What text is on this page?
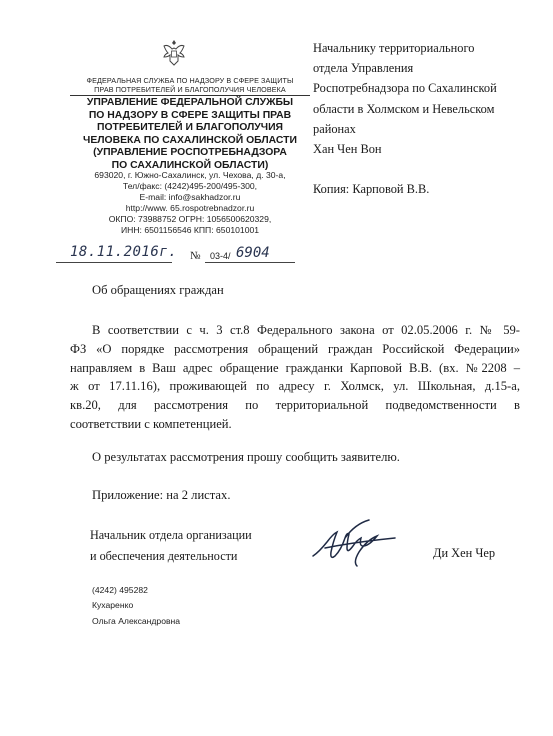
ФЕДЕРАЛЬНАЯ СЛУЖБА ПО НАДЗОРУ В СФЕРЕ ЗАЩИТЫ
ПРАВ ПОТРЕБИТЕЛЕЙ И БЛАГОПОЛУЧИЯ ЧЕЛОВЕКА
УПРАВЛЕНИЕ ФЕДЕРАЛЬНОЙ СЛУЖБЫ
ПО НАДЗОРУ В СФЕРЕ ЗАЩИТЫ ПРАВ
ПОТРЕБИТЕЛЕЙ И БЛАГОПОЛУЧИЯ
ЧЕЛОВЕКА ПО САХАЛИНСКОЙ ОБЛАСТИ
(УПРАВЛЕНИЕ РОСПОТРЕБНАДЗОРА
ПО САХАЛИНСКОЙ ОБЛАСТИ)
693020, г. Южно-Сахалинск, ул. Чехова, д. 30-а,
Тел/факс: (4242)495-200/495-300,
E-mail: info@sakhadzor.ru
http://www. 65.rospotrebnadzor.ru
ОКПО: 73988752 ОГРН: 1056500620329,
ИНН: 6501156546 КПП: 650101001
18.11.2016г. № 03-4/ 6904
Начальнику территориального
отдела Управления
Роспотребнадзора по Сахалинской
области в Холмском и Невельском
районах
Хан Чен Вон
Копия: Карповой В.В.
Об обращениях граждан
В соответствии с ч. 3 ст.8 Федерального закона от 02.05.2006 г. № 59-
ФЗ «О порядке рассмотрения обращений граждан Российской Федерации»
направляем в Ваш адрес обращение гражданки Карповой В.В. (вх. №2208 –
ж от 17.11.16), проживающей по адресу г. Холмск, ул. Школьная, д.15-а,
кв.20, для рассмотрения по территориальной подведомственности в
соответствии с компетенцией.
О результатах рассмотрения прошу сообщить заявителю.
Приложение: на 2 листах.
Начальник отдела организации
и обеспечения деятельности	Ди Хен Чер
(4242) 495282
Кухаренко
Ольга Александровна
